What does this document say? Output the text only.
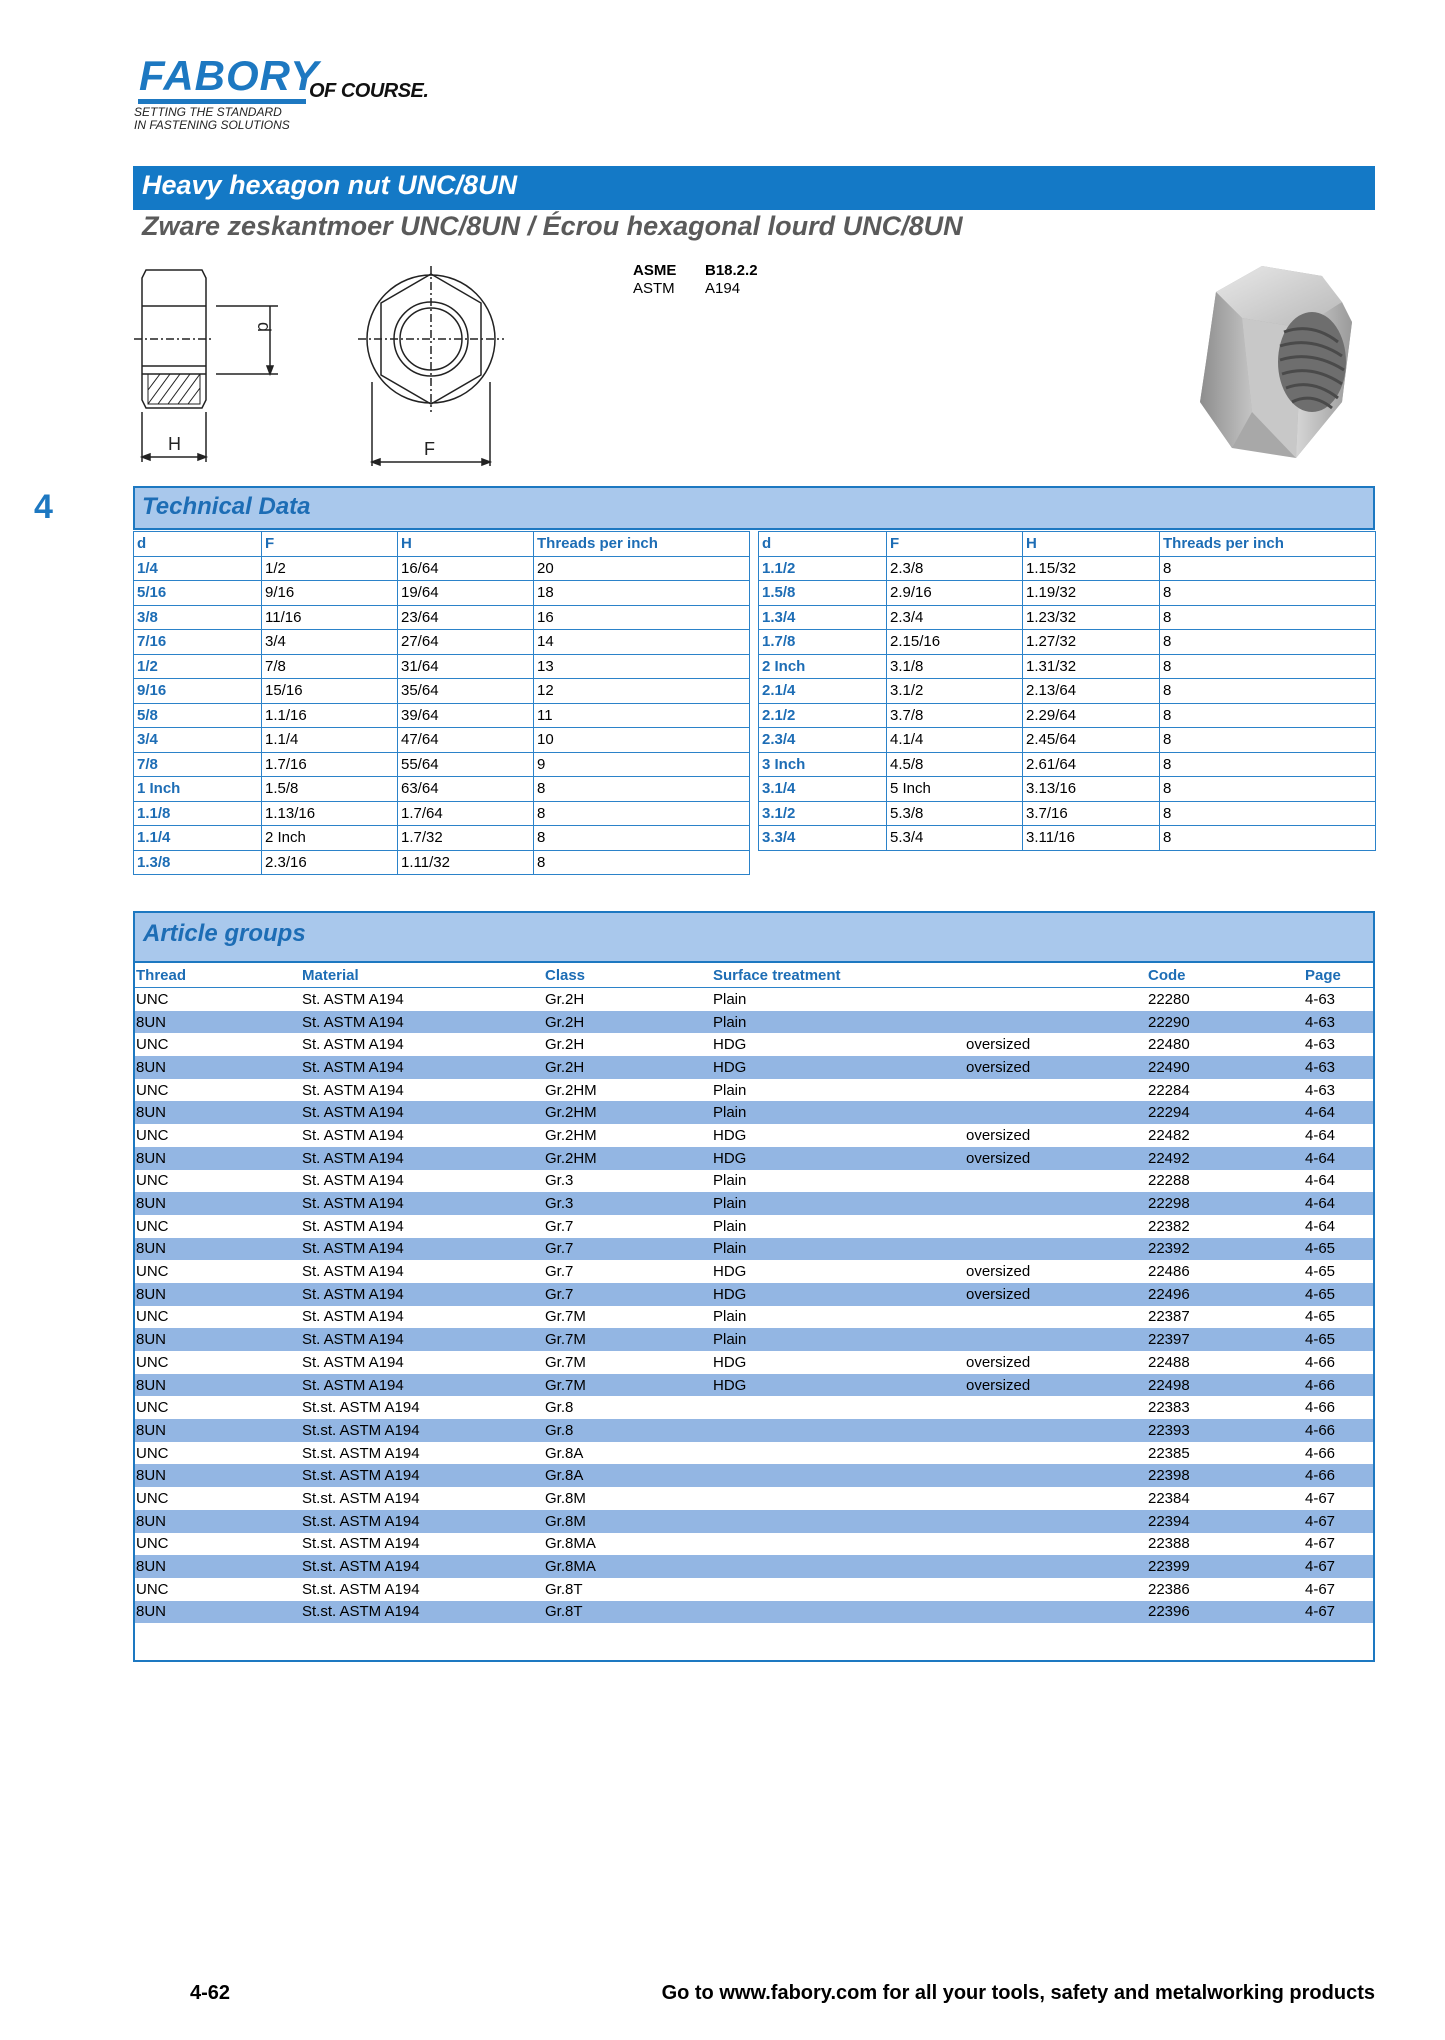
FABORY
OF COURSE.
SETTING THE STANDARD
IN FASTENING SOLUTIONS
Heavy hexagon nut UNC/8UN
Zware zeskantmoer UNC/8UN / Écrou hexagonal lourd UNC/8UN
H
d
F
ASME B18.2.2
ASTM A194
4	Technical Data
d	F	H	Threads per inch
1/4	1/2	16/64	20
5/16	9/16	19/64	18
3/8	11/16	23/64	16
7/16	3/4	27/64	14
1/2	7/8	31/64	13
9/16	15/16	35/64	12
5/8	1.1/16	39/64	11
3/4	1.1/4	47/64	10
7/8	1.7/16	55/64	9
1 Inch	1.5/8	63/64	8
1.1/8	1.13/16	1.7/64	8
1.1/4	2 Inch	1.7/32	8
1.3/8	2.3/16	1.11/32	8
d	F	H	Threads per inch
1.1/2	2.3/8	1.15/32	8
1.5/8	2.9/16	1.19/32	8
1.3/4	2.3/4	1.23/32	8
1.7/8	2.15/16	1.27/32	8
2 Inch	3.1/8	1.31/32	8
2.1/4	3.1/2	2.13/64	8
2.1/2	3.7/8	2.29/64	8
2.3/4	4.1/4	2.45/64	8
3 Inch	4.5/8	2.61/64	8
3.1/4	5 Inch	3.13/16	8
3.1/2	5.3/8	3.7/16	8
3.3/4	5.3/4	3.11/16	8
Article groups
Thread	Material	Class	Surface treatment		Code	Page
UNC	St. ASTM A194	Gr.2H	Plain		22280	4-63
8UN	St. ASTM A194	Gr.2H	Plain		22290	4-63
UNC	St. ASTM A194	Gr.2H	HDG	oversized	22480	4-63
8UN	St. ASTM A194	Gr.2H	HDG	oversized	22490	4-63
UNC	St. ASTM A194	Gr.2HM	Plain		22284	4-63
8UN	St. ASTM A194	Gr.2HM	Plain		22294	4-64
UNC	St. ASTM A194	Gr.2HM	HDG	oversized	22482	4-64
8UN	St. ASTM A194	Gr.2HM	HDG	oversized	22492	4-64
UNC	St. ASTM A194	Gr.3	Plain		22288	4-64
8UN	St. ASTM A194	Gr.3	Plain		22298	4-64
UNC	St. ASTM A194	Gr.7	Plain		22382	4-64
8UN	St. ASTM A194	Gr.7	Plain		22392	4-65
UNC	St. ASTM A194	Gr.7	HDG	oversized	22486	4-65
8UN	St. ASTM A194	Gr.7	HDG	oversized	22496	4-65
UNC	St. ASTM A194	Gr.7M	Plain		22387	4-65
8UN	St. ASTM A194	Gr.7M	Plain		22397	4-65
UNC	St. ASTM A194	Gr.7M	HDG	oversized	22488	4-66
8UN	St. ASTM A194	Gr.7M	HDG	oversized	22498	4-66
UNC	St.st. ASTM A194	Gr.8			22383	4-66
8UN	St.st. ASTM A194	Gr.8			22393	4-66
UNC	St.st. ASTM A194	Gr.8A			22385	4-66
8UN	St.st. ASTM A194	Gr.8A			22398	4-66
UNC	St.st. ASTM A194	Gr.8M			22384	4-67
8UN	St.st. ASTM A194	Gr.8M			22394	4-67
UNC	St.st. ASTM A194	Gr.8MA			22388	4-67
8UN	St.st. ASTM A194	Gr.8MA			22399	4-67
UNC	St.st. ASTM A194	Gr.8T			22386	4-67
8UN	St.st. ASTM A194	Gr.8T			22396	4-67
4-62	Go to www.fabory.com for all your tools, safety and metalworking products
